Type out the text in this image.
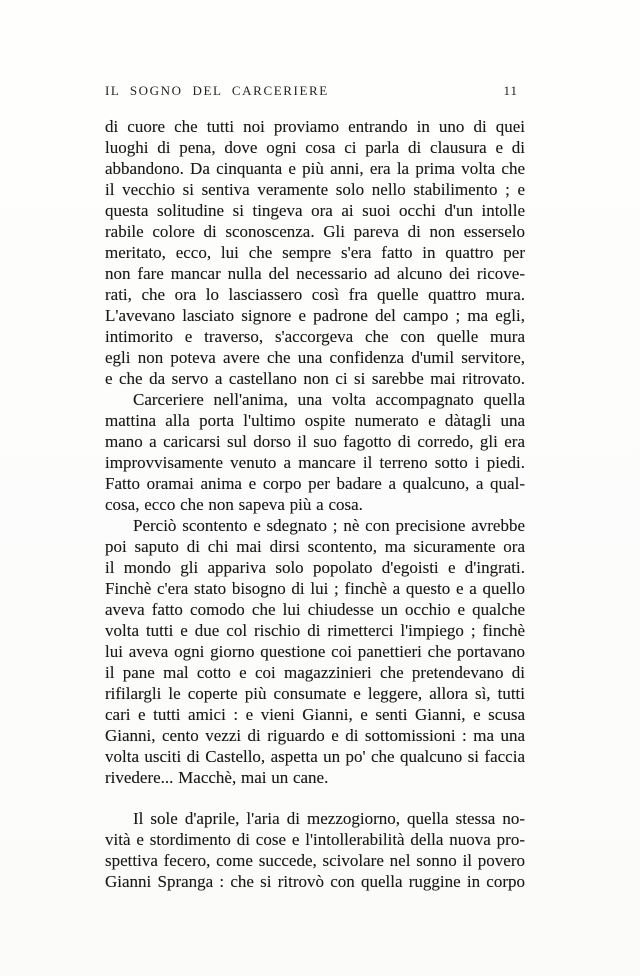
IL SOGNO DEL CARCERIERE	11
di cuore che tutti noi proviamo entrando in uno di quei
luoghi di pena, dove ogni cosa ci parla di clausura e di
abbandono. Da cinquanta e più anni, era la prima volta che
il vecchio si sentiva veramente solo nello stabilimento ; e
questa solitudine si tingeva ora ai suoi occhi d'un intolle
rabile colore di sconoscenza. Gli pareva di non esserselo
meritato, ecco, lui che sempre s'era fatto in quattro per
non fare mancar nulla del necessario ad alcuno dei ricove-
rati, che ora lo lasciassero così fra quelle quattro mura.
L'avevano lasciato signore e padrone del campo ; ma egli,
intimorito e traverso, s'accorgeva che con quelle mura
egli non poteva avere che una confidenza d'umil servitore,
e che da servo a castellano non ci si sarebbe mai ritrovato.
Carceriere nell'anima, una volta accompagnato quella
mattina alla porta l'ultimo ospite numerato e dàtagli una
mano a caricarsi sul dorso il suo fagotto di corredo, gli era
improvvisamente venuto a mancare il terreno sotto i piedi.
Fatto oramai anima e corpo per badare a qualcuno, a qual-
cosa, ecco che non sapeva più a cosa.
Perciò scontento e sdegnato ; nè con precisione avrebbe
poi saputo di chi mai dirsi scontento, ma sicuramente ora
il mondo gli appariva solo popolato d'egoisti e d'ingrati.
Finchè c'era stato bisogno di lui ; finchè a questo e a quello
aveva fatto comodo che lui chiudesse un occhio e qualche
volta tutti e due col rischio di rimetterci l'impiego ; finchè
lui aveva ogni giorno questione coi panettieri che portavano
il pane mal cotto e coi magazzinieri che pretendevano di
rifilargli le coperte più consumate e leggere, allora sì, tutti
cari e tutti amici : e vieni Gianni, e senti Gianni, e scusa
Gianni, cento vezzi di riguardo e di sottomissioni : ma una
volta usciti di Castello, aspetta un po' che qualcuno si faccia
rivedere... Macchè, mai un cane.
Il sole d'aprile, l'aria di mezzogiorno, quella stessa no-
vità e stordimento di cose e l'intollerabilità della nuova pro-
spettiva fecero, come succede, scivolare nel sonno il povero
Gianni Spranga : che si ritrovò con quella ruggine in corpo
